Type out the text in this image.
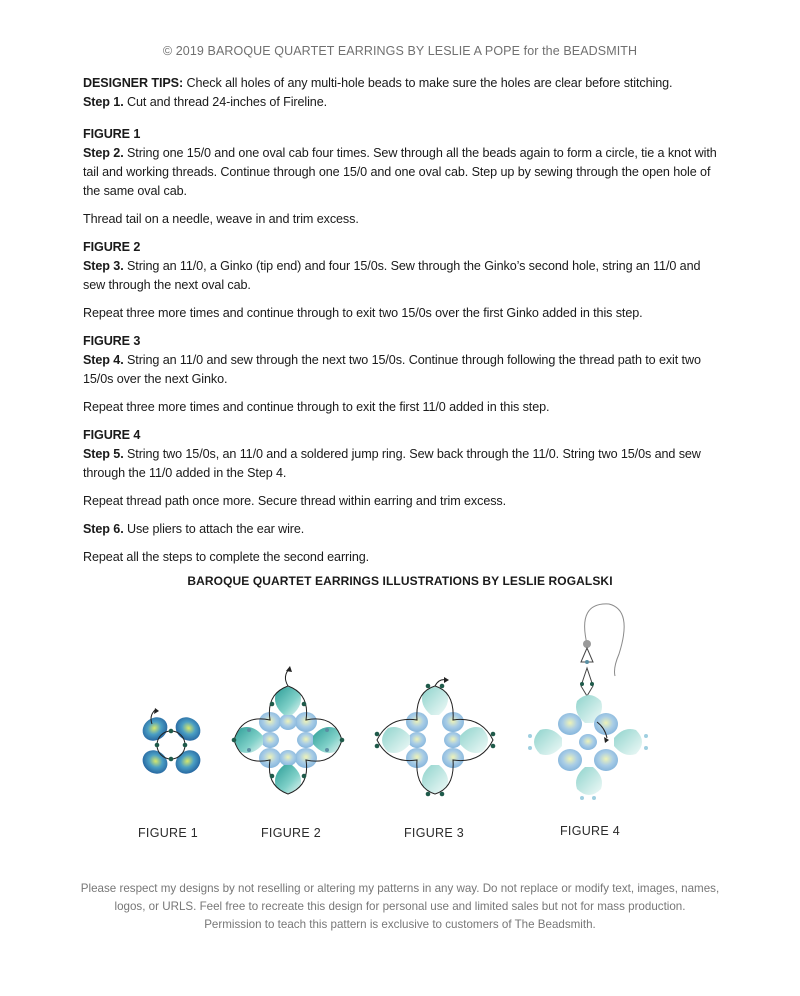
© 2019 BAROQUE QUARTET EARRINGS BY LESLIE A POPE for the BEADSMITH

DESIGNER TIPS: Check all holes of any multi-hole beads to make sure the holes are clear before stitching.

Step 1. Cut and thread 24-inches of Fireline.

FIGURE 1

Step 2. String one 15/0 and one oval cab four times. Sew through all the beads again to form a circle, tie a knot with tail and working threads. Continue through one 15/0 and one oval cab. Step up by sewing through the open hole of the same oval cab.

Thread tail on a needle, weave in and trim excess.

FIGURE 2

Step 3. String an 11/0, a Ginko (tip end) and four 15/0s. Sew through the Ginko’s second hole, string an 11/0 and sew through the next oval cab.

Repeat three more times and continue through to exit two 15/0s over the first Ginko added in this step.

FIGURE 3

Step 4. String an 11/0 and sew through the next two 15/0s. Continue through following the thread path to exit two 15/0s over the next Ginko.

Repeat three more times and continue through to exit the first 11/0 added in this step.

FIGURE 4

Step 5. String two 15/0s, an 11/0 and a soldered jump ring. Sew back through the 11/0. String two 15/0s and sew through the 11/0 added in the Step 4.

Repeat thread path once more. Secure thread within earring and trim excess.

Step 6. Use pliers to attach the ear wire.

Repeat all the steps to complete the second earring.

BAROQUE QUARTET EARRINGS ILLUSTRATIONS BY LESLIE ROGALSKI
FIGURE 1	FIGURE 2	FIGURE 3	FIGURE 4
Please respect my designs by not reselling or altering my patterns in any way. Do not replace or modify text, images, names,
logos, or URLS. Feel free to recreate this design for personal use and limited sales but not for mass production.
Permission to teach this pattern is exclusive to customers of The Beadsmith.
